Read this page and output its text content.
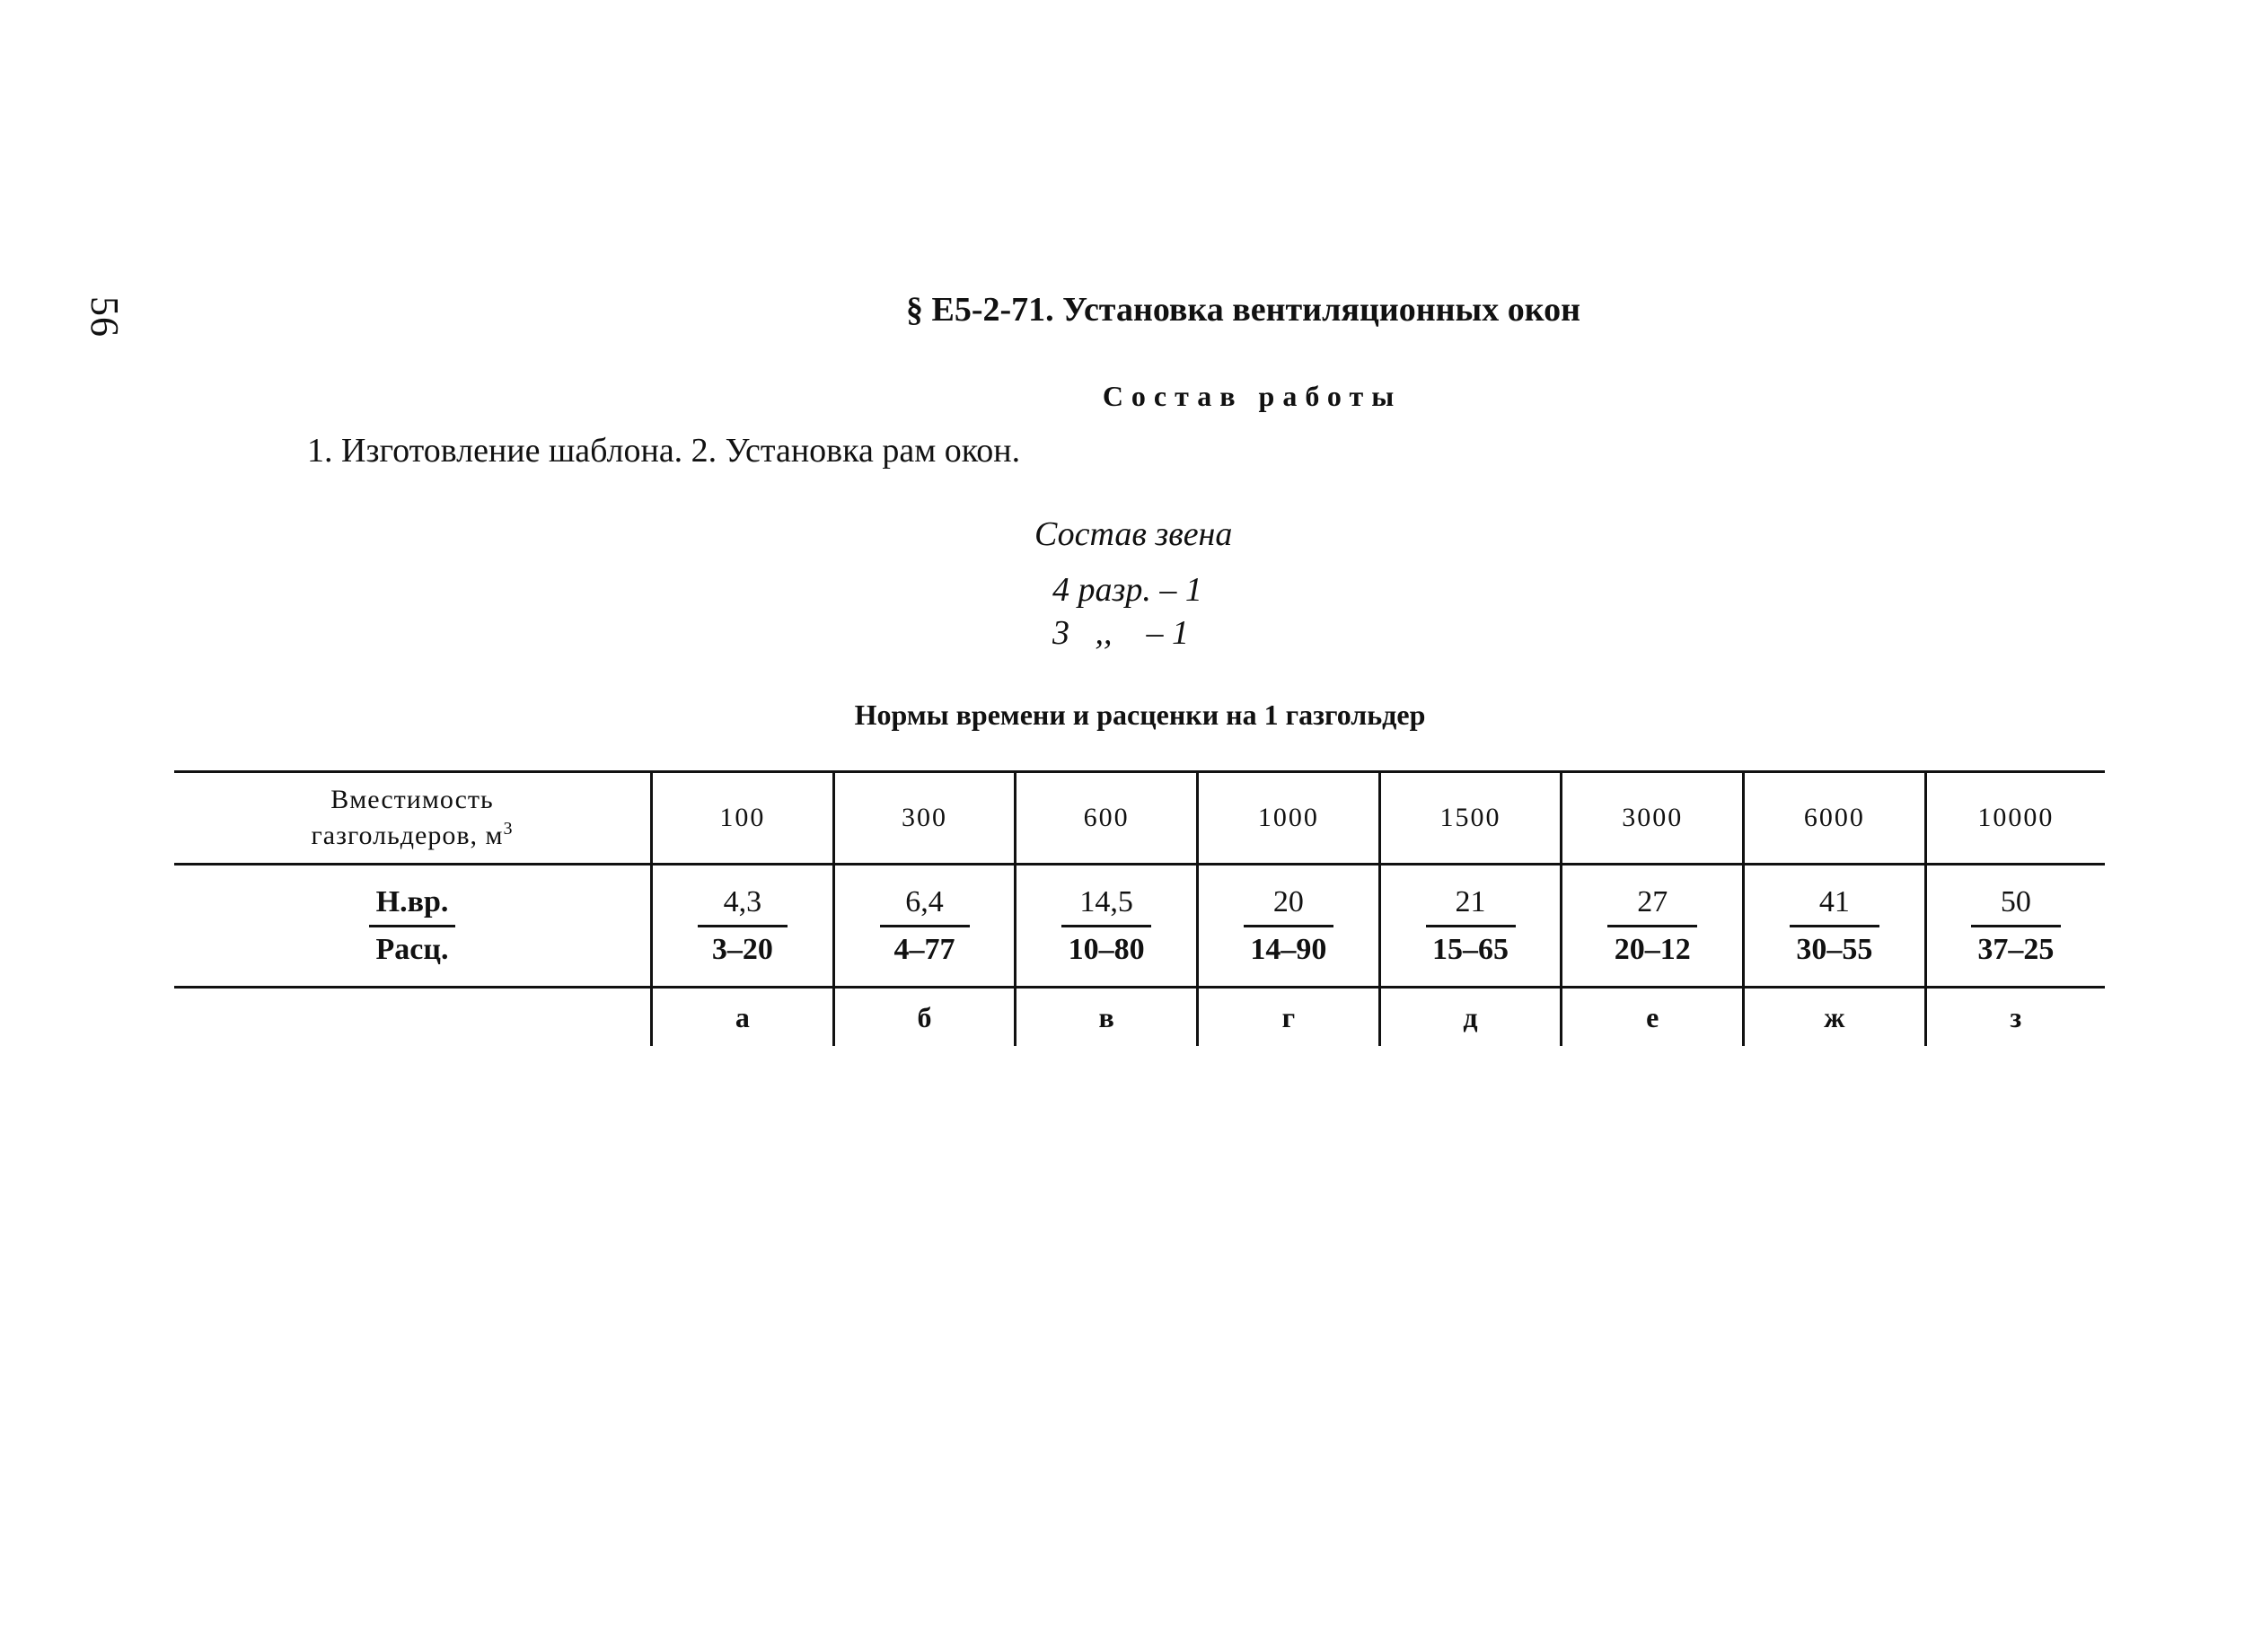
56	§ Е5-2-71. Установка вентиляционных окон
Состав работы
1. Изготовление шаблона. 2. Установка рам окон.
Состав звена
4 разр. – 1
3   ,,    – 1
Нормы времени и расценки на 1 газгольдер
Вместимость
газгольдеров, $м^3$	100	300	600	1000	1500	3000	6000	10000

$\frac{Н.вр.}{\text{Расц.}}$	$\frac{4,3}{3-20}$	$\frac{6,4}{4-77}$	$\frac{14,5}{10-80}$	$\frac{20}{14-90}$	$\frac{21}{15-65}$	$\frac{27}{20-12}$	$\frac{41}{30-55}$	$\frac{50}{37-25}$

	а	б	в	г	д	е	ж	з
